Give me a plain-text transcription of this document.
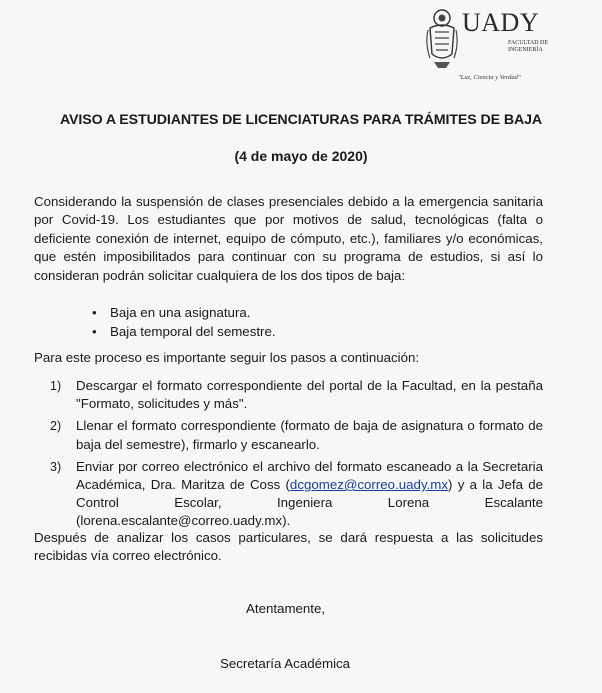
UADY
FACULTAD DE
INGENIERÍA
"Luz, Ciencia y Verdad"
AVISO A ESTUDIANTES DE LICENCIATURAS PARA TRÁMITES DE BAJA
(4 de mayo de 2020)
Considerando la suspensión de clases presenciales debido a la emergencia sanitaria por Covid-19. Los estudiantes que por motivos de salud, tecnológicas (falta o deficiente conexión de internet, equipo de cómputo, etc.), familiares y/o económicas, que estén imposibilitados para continuar con su programa de estudios, si así lo consideran podrán solicitar cualquiera de los dos tipos de baja:
• Baja en una asignatura.
• Baja temporal del semestre.
Para este proceso es importante seguir los pasos a continuación:
1) Descargar el formato correspondiente del portal de la Facultad, en la pestaña "Formato, solicitudes y más".
2) Llenar el formato correspondiente (formato de baja de asignatura o formato de baja del semestre), firmarlo y escanearlo.
3) Enviar por correo electrónico el archivo del formato escaneado a la Secretaria Académica, Dra. Maritza de Coss (dcgomez@correo.uady.mx) y a la Jefa de Control Escolar, Ingeniera Lorena Escalante (lorena.escalante@correo.uady.mx).
Después de analizar los casos particulares, se dará respuesta a las solicitudes recibidas vía correo electrónico.
Atentamente,
Secretaría Académica
